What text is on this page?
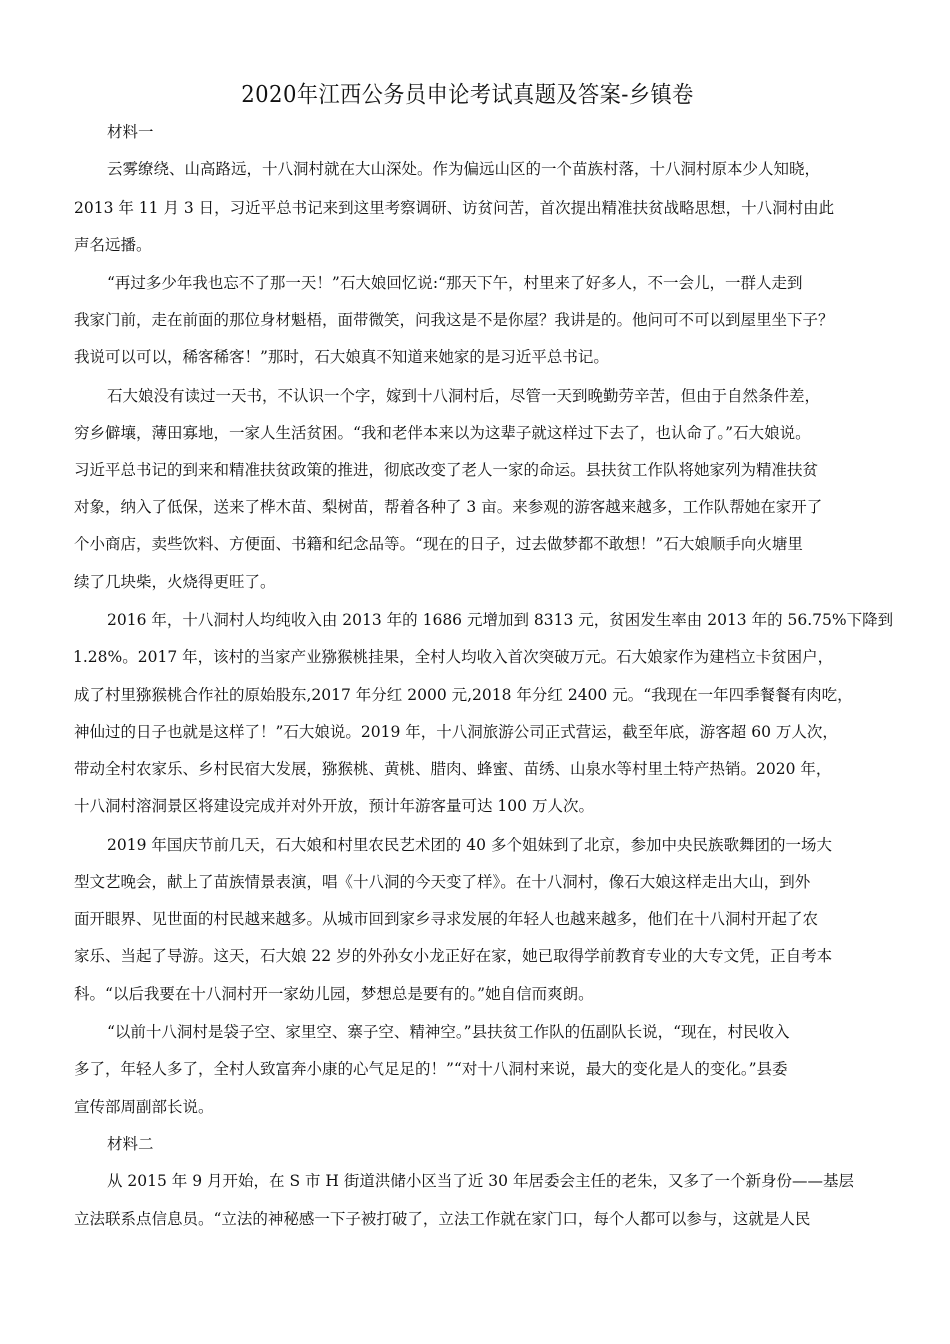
2020年江西公务员申论考试真题及答案-乡镇卷

材料一

云雾缭绕、山高路远，十八洞村就在大山深处。作为偏远山区的一个苗族村落，十八洞村原本少人知晓，

2013 年 11 月 3 日，习近平总书记来到这里考察调研、访贫问苦，首次提出精准扶贫战略思想，十八洞村由此

声名远播。

“再过多少年我也忘不了那一天！”石大娘回忆说:“那天下午，村里来了好多人，不一会儿，一群人走到

我家门前，走在前面的那位身材魁梧，面带微笑，问我这是不是你屋？我讲是的。他问可不可以到屋里坐下子？

我说可以可以，稀客稀客！”那时，石大娘真不知道来她家的是习近平总书记。

石大娘没有读过一天书，不认识一个字，嫁到十八洞村后，尽管一天到晚勤劳辛苦，但由于自然条件差，

穷乡僻壤，薄田寡地，一家人生活贫困。“我和老伴本来以为这辈子就这样过下去了，也认命了。”石大娘说。

习近平总书记的到来和精准扶贫政策的推进，彻底改变了老人一家的命运。县扶贫工作队将她家列为精准扶贫

对象，纳入了低保，送来了桦木苗、梨树苗，帮着各种了 3 亩。来参观的游客越来越多，工作队帮她在家开了

个小商店，卖些饮料、方便面、书籍和纪念品等。“现在的日子，过去做梦都不敢想！”石大娘顺手向火塘里

续了几块柴，火烧得更旺了。

2016 年，十八洞村人均纯收入由 2013 年的 1686 元增加到 8313 元，贫困发生率由 2013 年的 56.75%下降到

1.28%。2017 年，该村的当家产业猕猴桃挂果，全村人均收入首次突破万元。石大娘家作为建档立卡贫困户，

成了村里猕猴桃合作社的原始股东,2017 年分红 2000 元,2018 年分红 2400 元。“我现在一年四季餐餐有肉吃，

神仙过的日子也就是这样了！”石大娘说。2019 年，十八洞旅游公司正式营运，截至年底，游客超 60 万人次，

带动全村农家乐、乡村民宿大发展，猕猴桃、黄桃、腊肉、蜂蜜、苗绣、山泉水等村里土特产热销。2020 年，

十八洞村溶洞景区将建设完成并对外开放，预计年游客量可达 100 万人次。

2019 年国庆节前几天，石大娘和村里农民艺术团的 40 多个姐妹到了北京，参加中央民族歌舞团的一场大

型文艺晚会，献上了苗族情景表演，唱《十八洞的今天变了样》。在十八洞村，像石大娘这样走出大山，到外

面开眼界、见世面的村民越来越多。从城市回到家乡寻求发展的年轻人也越来越多，他们在十八洞村开起了农

家乐、当起了导游。这天，石大娘 22 岁的外孙女小龙正好在家，她已取得学前教育专业的大专文凭，正自考本

科。“以后我要在十八洞村开一家幼儿园，梦想总是要有的。”她自信而爽朗。

“以前十八洞村是袋子空、家里空、寨子空、精神空。”县扶贫工作队的伍副队长说，“现在，村民收入

多了，年轻人多了，全村人致富奔小康的心气足足的！”“对十八洞村来说，最大的变化是人的变化。”县委

宣传部周副部长说。

材料二

从 2015 年 9 月开始，在 S 市 H 街道洪储小区当了近 30 年居委会主任的老朱，又多了一个新身份——基层

立法联系点信息员。“立法的神秘感一下子被打破了，立法工作就在家门口，每个人都可以参与，这就是人民
